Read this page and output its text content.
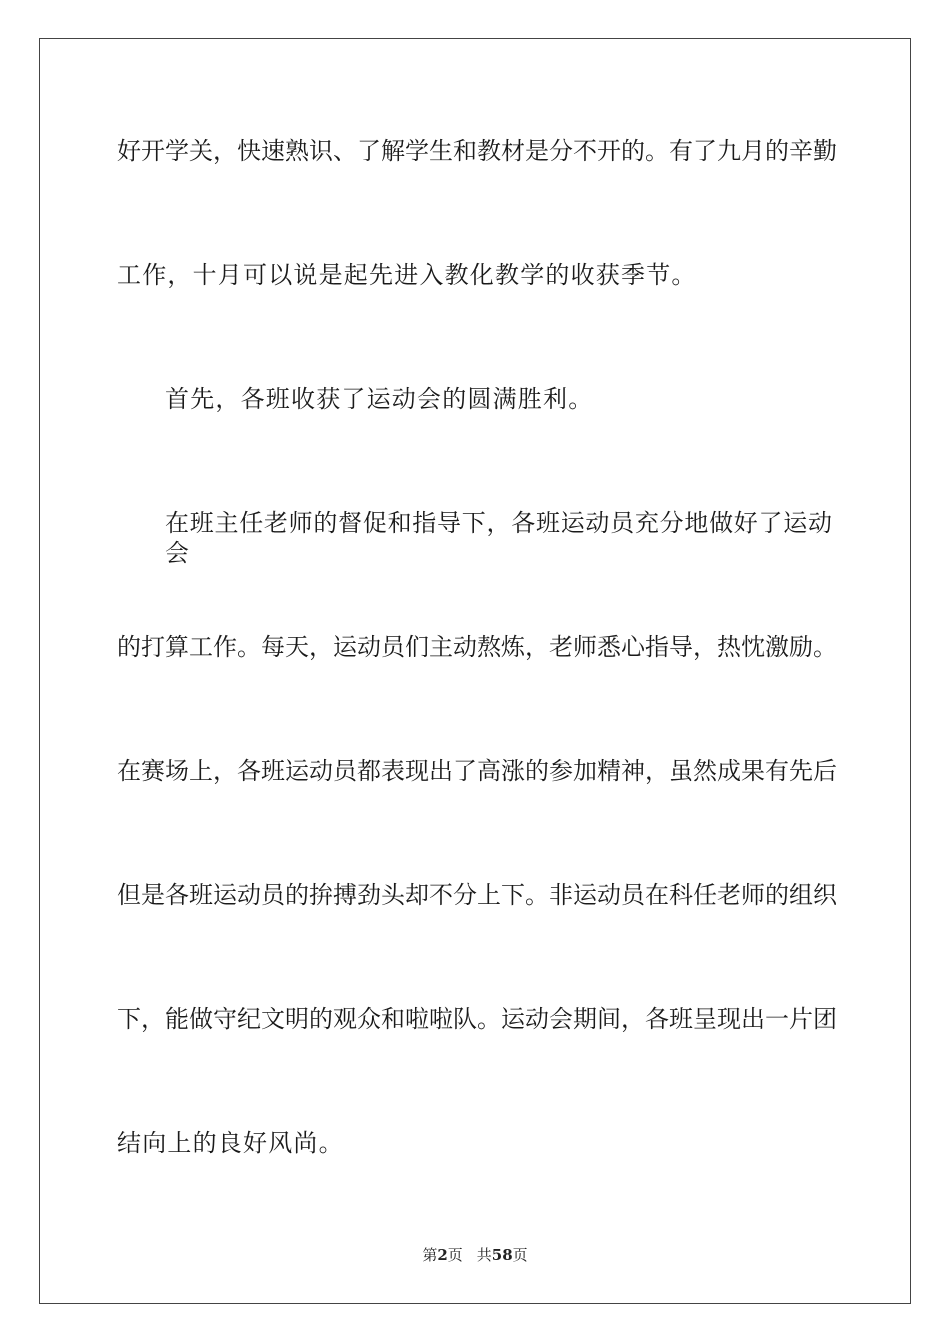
好开学关，快速熟识、了解学生和教材是分不开的。有了九月的辛勤
工作，十月可以说是起先进入教化教学的收获季节。
首先，各班收获了运动会的圆满胜利。
在班主任老师的督促和指导下，各班运动员充分地做好了运动会
的打算工作。每天，运动员们主动熬炼，老师悉心指导，热忱激励。
在赛场上，各班运动员都表现出了高涨的参加精神，虽然成果有先后
但是各班运动员的拚搏劲头却不分上下。非运动员在科任老师的组织
下，能做守纪文明的观众和啦啦队。运动会期间，各班呈现出一片团
结向上的良好风尚。
第2页 共58页
